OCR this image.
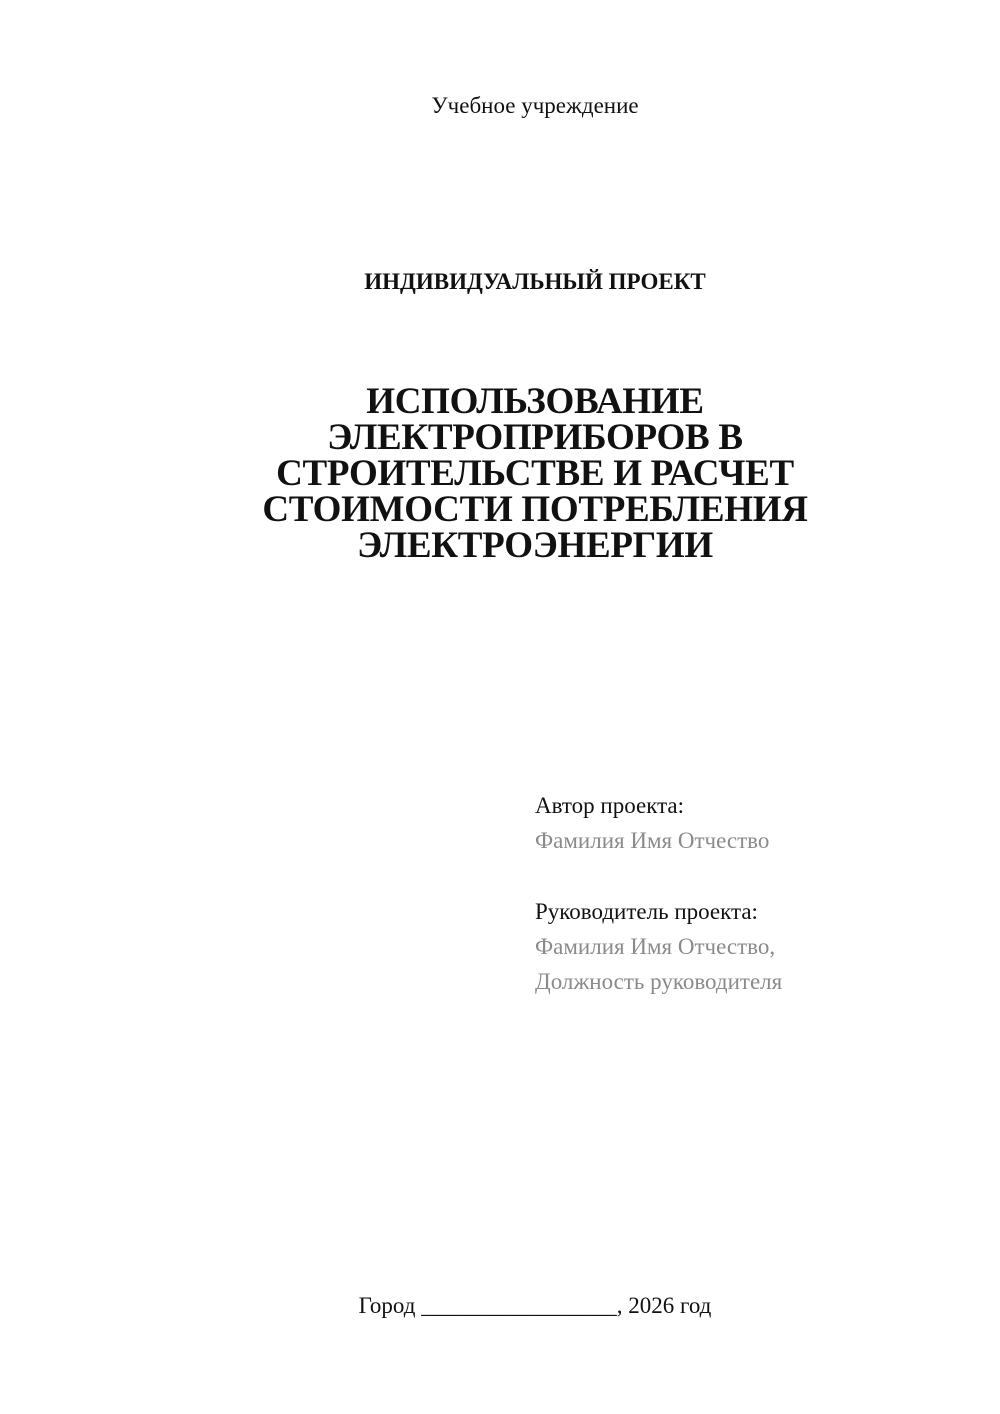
Учебное учреждение
ИНДИВИДУАЛЬНЫЙ ПРОЕКТ
ИСПОЛЬЗОВАНИЕ
ЭЛЕКТРОПРИБОРОВ В
СТРОИТЕЛЬСТВЕ И РАСЧЕТ
СТОИМОСТИ ПОТРЕБЛЕНИЯ
ЭЛЕКТРОЭНЕРГИИ
Автор проекта:
Фамилия Имя Отчество
Руководитель проекта:
Фамилия Имя Отчество,
Должность руководителя
Город _________________, 2026 год
